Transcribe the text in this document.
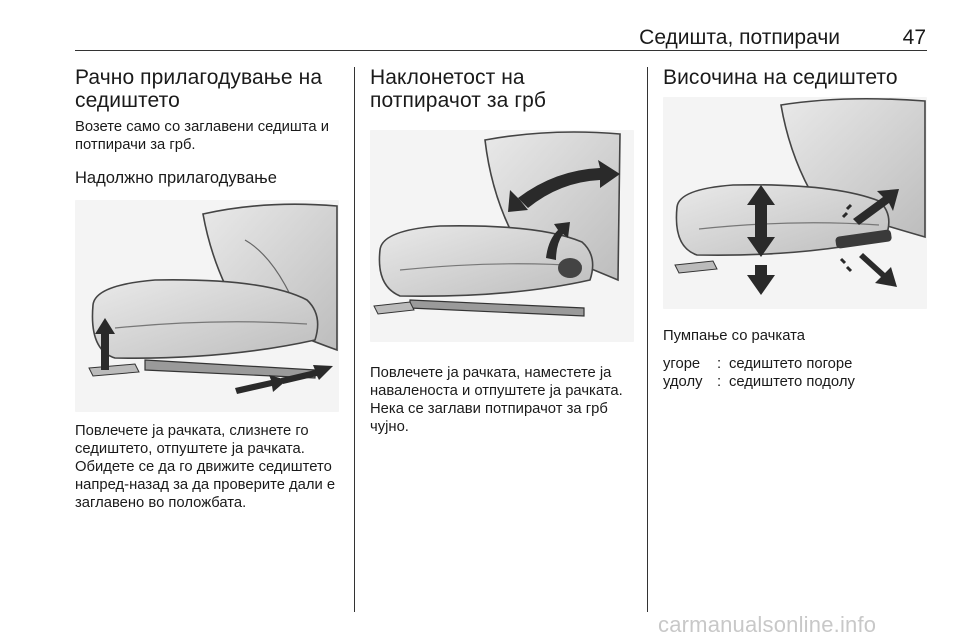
Седишта, потпирачи	47
Рачно прилагодување на седиштето

Возете само со заглавени седишта и потпирачи за грб.

Надолжно прилагодување

Повлечете ја рачката, слизнете го седиштето, отпуштете ја рачката. Обидете се да го движите седиштето напред-назад за да проверите дали е заглавено во положбата.

Наклонетост на потпирачот за грб

Повлечете ја рачката, наместете ја наваленоста и отпуштете ја рачката. Нека се заглави потпирачот за грб чујно.

Височина на седиштето

Пумпање со рачката

угоре	: седиштето погоре
удолу : седиштето подолу
carmanualsonline.info
